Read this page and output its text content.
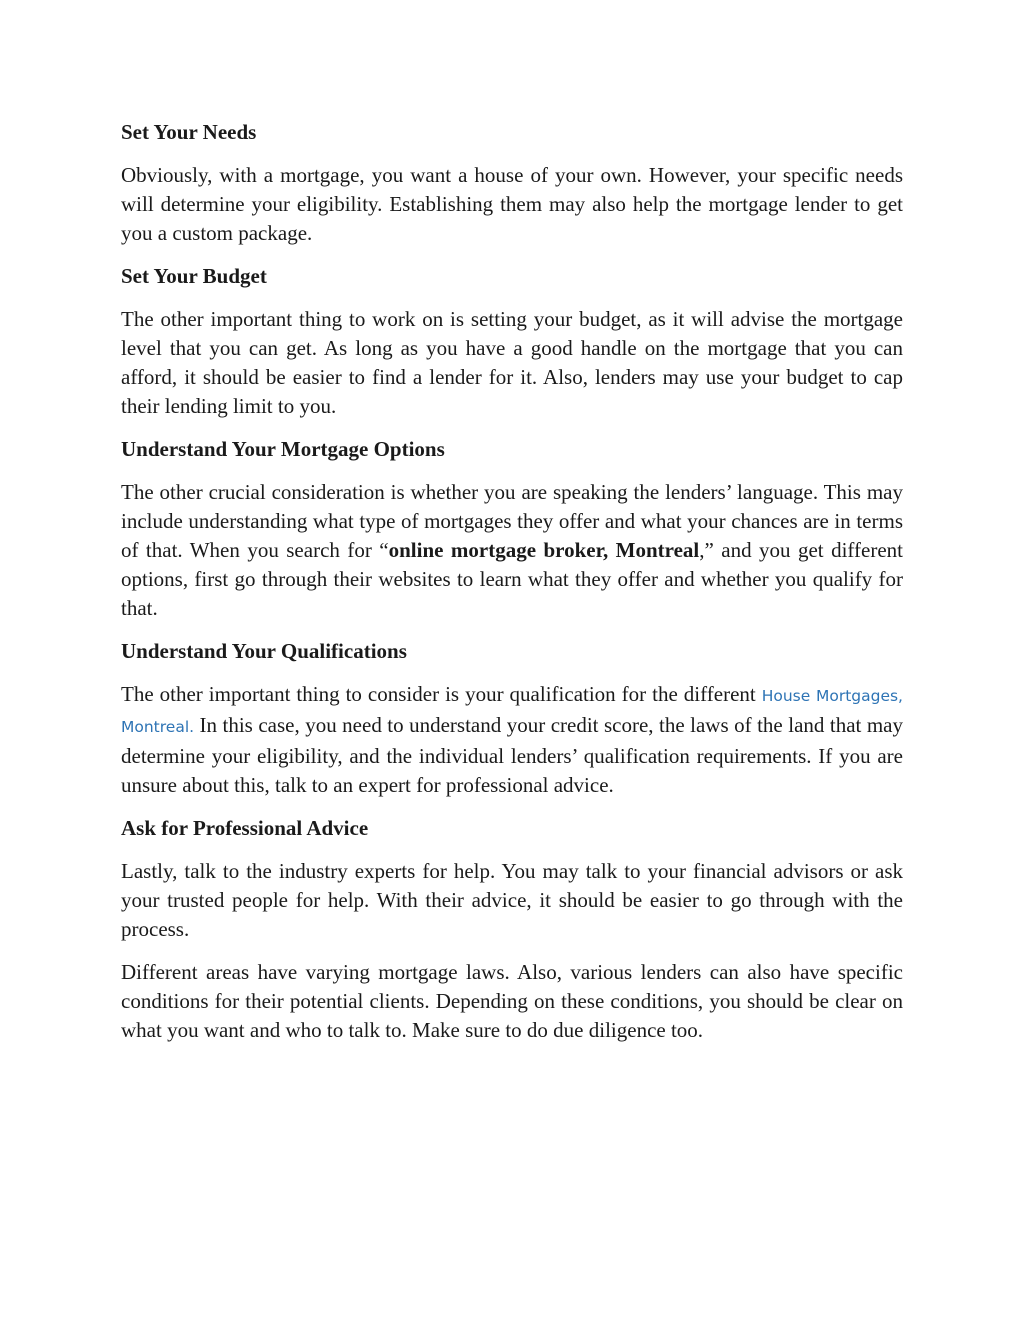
Set Your Needs

Obviously, with a mortgage, you want a house of your own. However, your specific needs will determine your eligibility. Establishing them may also help the mortgage lender to get you a custom package.

Set Your Budget

The other important thing to work on is setting your budget, as it will advise the mortgage level that you can get. As long as you have a good handle on the mortgage that you can afford, it should be easier to find a lender for it. Also, lenders may use your budget to cap their lending limit to you.

Understand Your Mortgage Options

The other crucial consideration is whether you are speaking the lenders’ language. This may include understanding what type of mortgages they offer and what your chances are in terms of that. When you search for “online mortgage broker, Montreal,” and you get different options, first go through their websites to learn what they offer and whether you qualify for that.

Understand Your Qualifications

The other important thing to consider is your qualification for the different House Mortgages, Montreal. In this case, you need to understand your credit score, the laws of the land that may determine your eligibility, and the individual lenders’ qualification requirements. If you are unsure about this, talk to an expert for professional advice.

Ask for Professional Advice

Lastly, talk to the industry experts for help. You may talk to your financial advisors or ask your trusted people for help. With their advice, it should be easier to go through with the process.

Different areas have varying mortgage laws. Also, various lenders can also have specific conditions for their potential clients. Depending on these conditions, you should be clear on what you want and who to talk to. Make sure to do due diligence too.
